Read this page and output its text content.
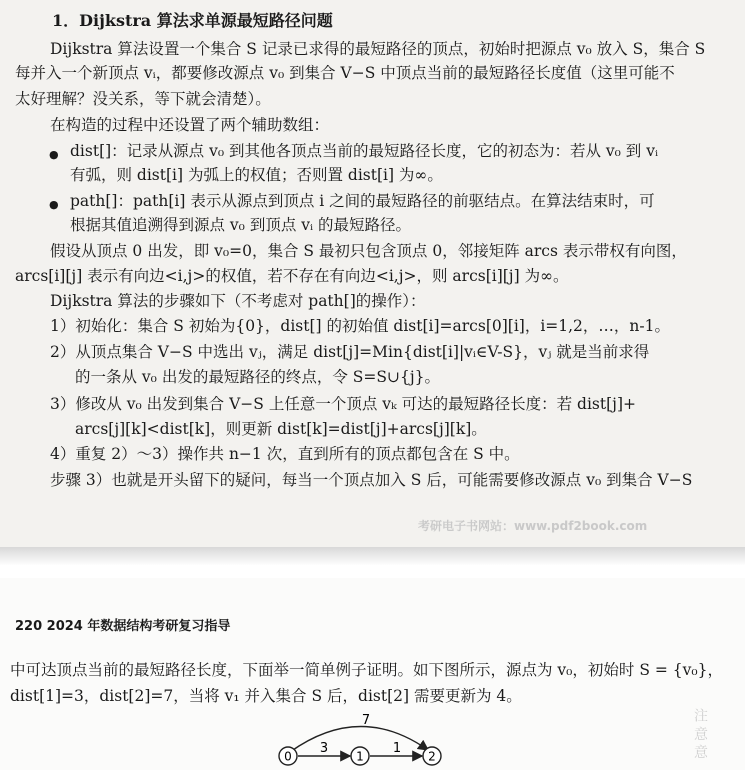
1．Dijkstra 算法求单源最短路径问题
Dijkstra 算法设置一个集合 S 记录已求得的最短路径的顶点，初始时把源点 v₀ 放入 S，集合 S
每并入一个新顶点 vᵢ，都要修改源点 v₀ 到集合 V−S 中顶点当前的最短路径长度值（这里可能不
太好理解？没关系，等下就会清楚）。
在构造的过程中还设置了两个辅助数组：
● dist[]：记录从源点 v₀ 到其他各顶点当前的最短路径长度，它的初态为：若从 v₀ 到 vᵢ
有弧，则 dist[i] 为弧上的权值；否则置 dist[i] 为∞。
● path[]：path[i] 表示从源点到顶点 i 之间的最短路径的前驱结点。在算法结束时，可
根据其值追溯得到源点 v₀ 到顶点 vᵢ 的最短路径。
假设从顶点 0 出发，即 v₀=0，集合 S 最初只包含顶点 0，邻接矩阵 arcs 表示带权有向图，
arcs[i][j] 表示有向边<i,j>的权值，若不存在有向边<i,j>，则 arcs[i][j] 为∞。
Dijkstra 算法的步骤如下（不考虑对 path[]的操作）：
1）初始化：集合 S 初始为{0}，dist[] 的初始值 dist[i]=arcs[0][i]，i=1,2，…，n-1。
2）从顶点集合 V−S 中选出 vⱼ，满足 dist[j]=Min{dist[i]|vᵢ∈V-S}，vⱼ 就是当前求得
的一条从 v₀ 出发的最短路径的终点，令 S=S∪{j}。
3）修改从 v₀ 出发到集合 V−S 上任意一个顶点 vₖ 可达的最短路径长度：若 dist[j]+
arcs[j][k]<dist[k]，则更新 dist[k]=dist[j]+arcs[j][k]。
4）重复 2）～3）操作共 n−1 次，直到所有的顶点都包含在 S 中。
步骤 3）也就是开头留下的疑问，每当一个顶点加入 S 后，可能需要修改源点 v₀ 到集合 V−S
考研电子书网站：www.pdf2book.com
220 2024 年数据结构考研复习指导
中可达顶点当前的最短路径长度，下面举一简单例子证明。如下图所示，源点为 v₀，初始时 S = {v₀}，
dist[1]=3，dist[2]=7，当将 v₁ 并入集合 S 后，dist[2] 需要更新为 4。
注 意 意
7
3	1
0	1	2
